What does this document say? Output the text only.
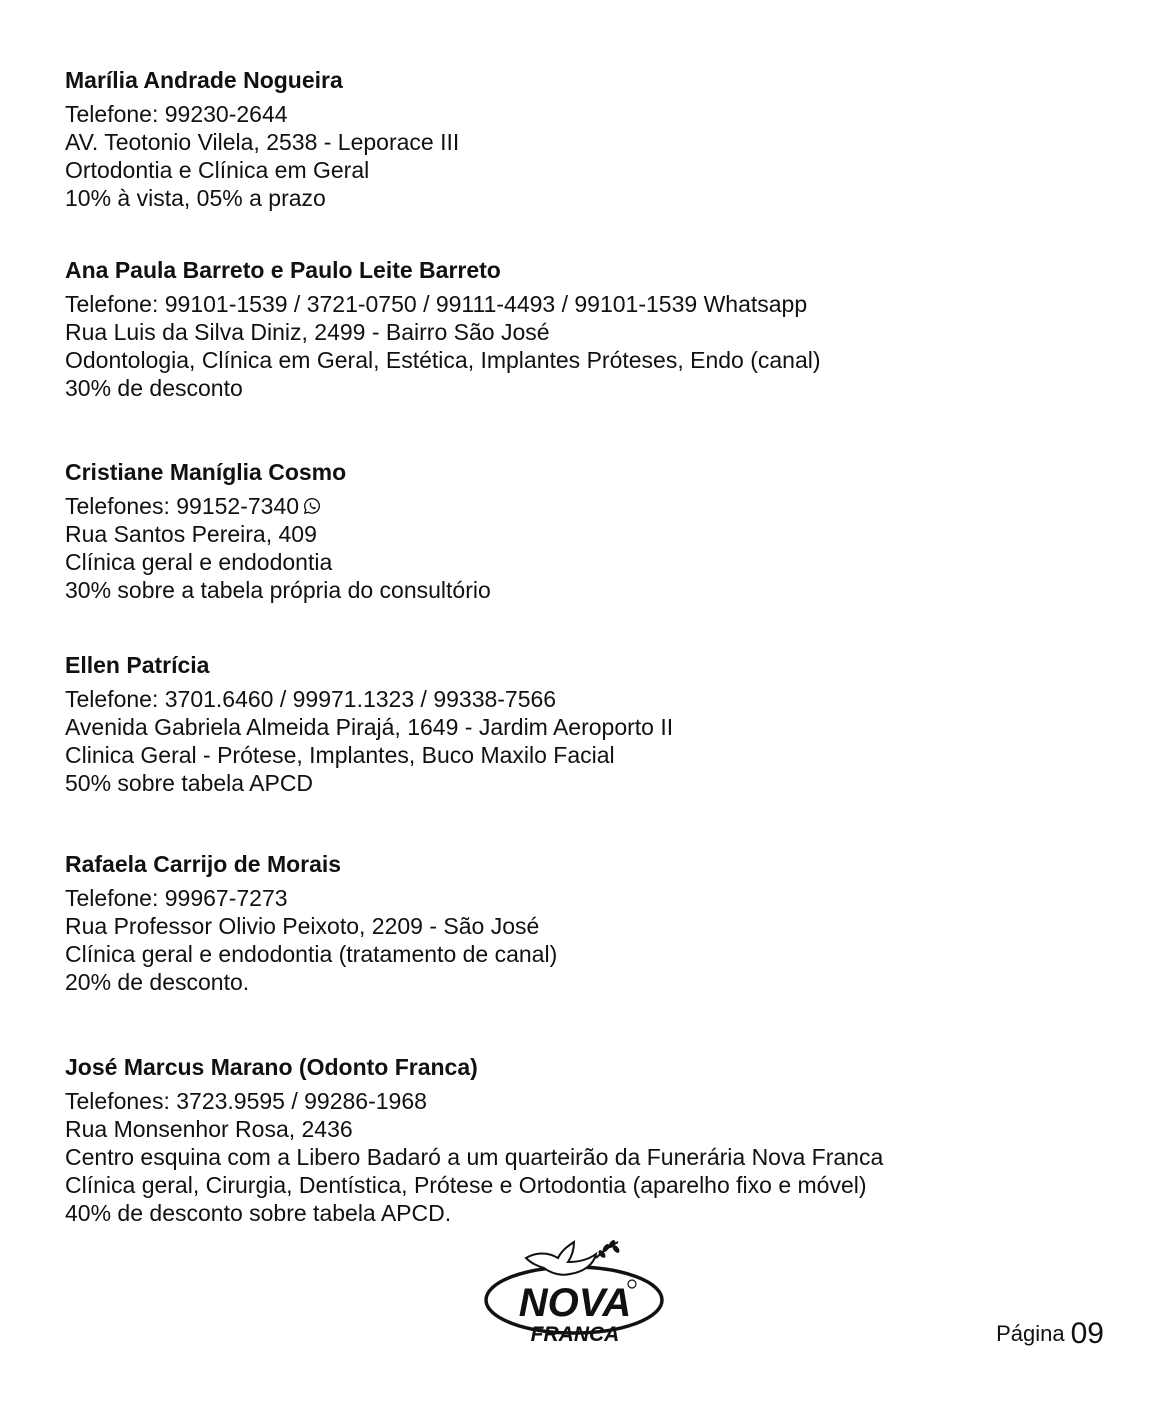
Marília Andrade Nogueira
Telefone: 99230-2644
AV. Teotonio Vilela, 2538 - Leporace III
Ortodontia e Clínica em Geral
10% à vista, 05% a prazo
Ana Paula Barreto e Paulo Leite Barreto
Telefone: 99101-1539 / 3721-0750 / 99111-4493 / 99101-1539 Whatsapp
Rua Luis da Silva Diniz, 2499 - Bairro São José
Odontologia, Clínica em Geral, Estética, Implantes Próteses, Endo (canal)
30% de desconto
Cristiane Maníglia Cosmo
Telefones: 99152-7340
Rua Santos Pereira, 409
Clínica geral e endodontia
30% sobre a tabela própria do consultório
Ellen Patrícia
Telefone: 3701.6460 / 99971.1323 / 99338-7566
Avenida Gabriela Almeida Pirajá, 1649 - Jardim Aeroporto II
Clinica Geral - Prótese, Implantes, Buco Maxilo Facial
50% sobre tabela APCD
Rafaela Carrijo de Morais
Telefone: 99967-7273
Rua Professor Olivio Peixoto, 2209 - São José
Clínica geral e endodontia (tratamento de canal)
20% de desconto.
José Marcus Marano (Odonto Franca)
Telefones: 3723.9595 / 99286-1968
Rua Monsenhor Rosa, 2436
Centro esquina com a Libero Badaró a um quarteirão da Funerária Nova Franca
Clínica geral, Cirurgia, Dentística, Prótese e Ortodontia (aparelho fixo e móvel)
40% de desconto sobre tabela APCD.
NOVA
FRANCA	Página 09
